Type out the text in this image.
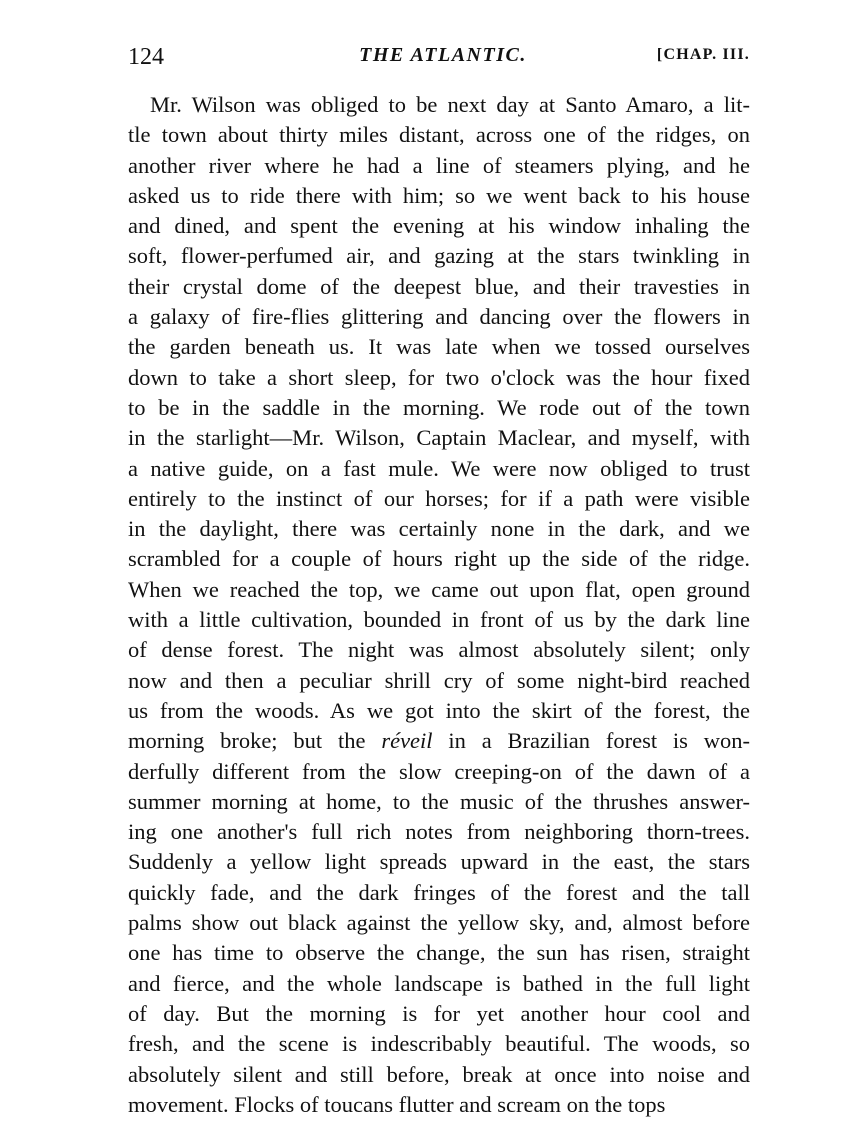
124	THE ATLANTIC.	[CHAP. III.
Mr. Wilson was obliged to be next day at Santo Amaro, a lit-
tle town about thirty miles distant, across one of the ridges, on
another river where he had a line of steamers plying, and he
asked us to ride there with him; so we went back to his house
and dined, and spent the evening at his window inhaling the
soft, flower-perfumed air, and gazing at the stars twinkling in
their crystal dome of the deepest blue, and their travesties in
a galaxy of fire-flies glittering and dancing over the flowers in
the garden beneath us. It was late when we tossed ourselves
down to take a short sleep, for two o'clock was the hour fixed
to be in the saddle in the morning. We rode out of the town
in the starlight—Mr. Wilson, Captain Maclear, and myself, with
a native guide, on a fast mule. We were now obliged to trust
entirely to the instinct of our horses; for if a path were visible
in the daylight, there was certainly none in the dark, and we
scrambled for a couple of hours right up the side of the ridge.
When we reached the top, we came out upon flat, open ground
with a little cultivation, bounded in front of us by the dark line
of dense forest. The night was almost absolutely silent; only
now and then a peculiar shrill cry of some night-bird reached
us from the woods. As we got into the skirt of the forest, the
morning broke; but the réveil in a Brazilian forest is won-
derfully different from the slow creeping-on of the dawn of a
summer morning at home, to the music of the thrushes answer-
ing one another's full rich notes from neighboring thorn-trees.
Suddenly a yellow light spreads upward in the east, the stars
quickly fade, and the dark fringes of the forest and the tall
palms show out black against the yellow sky, and, almost before
one has time to observe the change, the sun has risen, straight
and fierce, and the whole landscape is bathed in the full light
of day. But the morning is for yet another hour cool and
fresh, and the scene is indescribably beautiful. The woods, so
absolutely silent and still before, break at once into noise and
movement. Flocks of toucans flutter and scream on the tops
